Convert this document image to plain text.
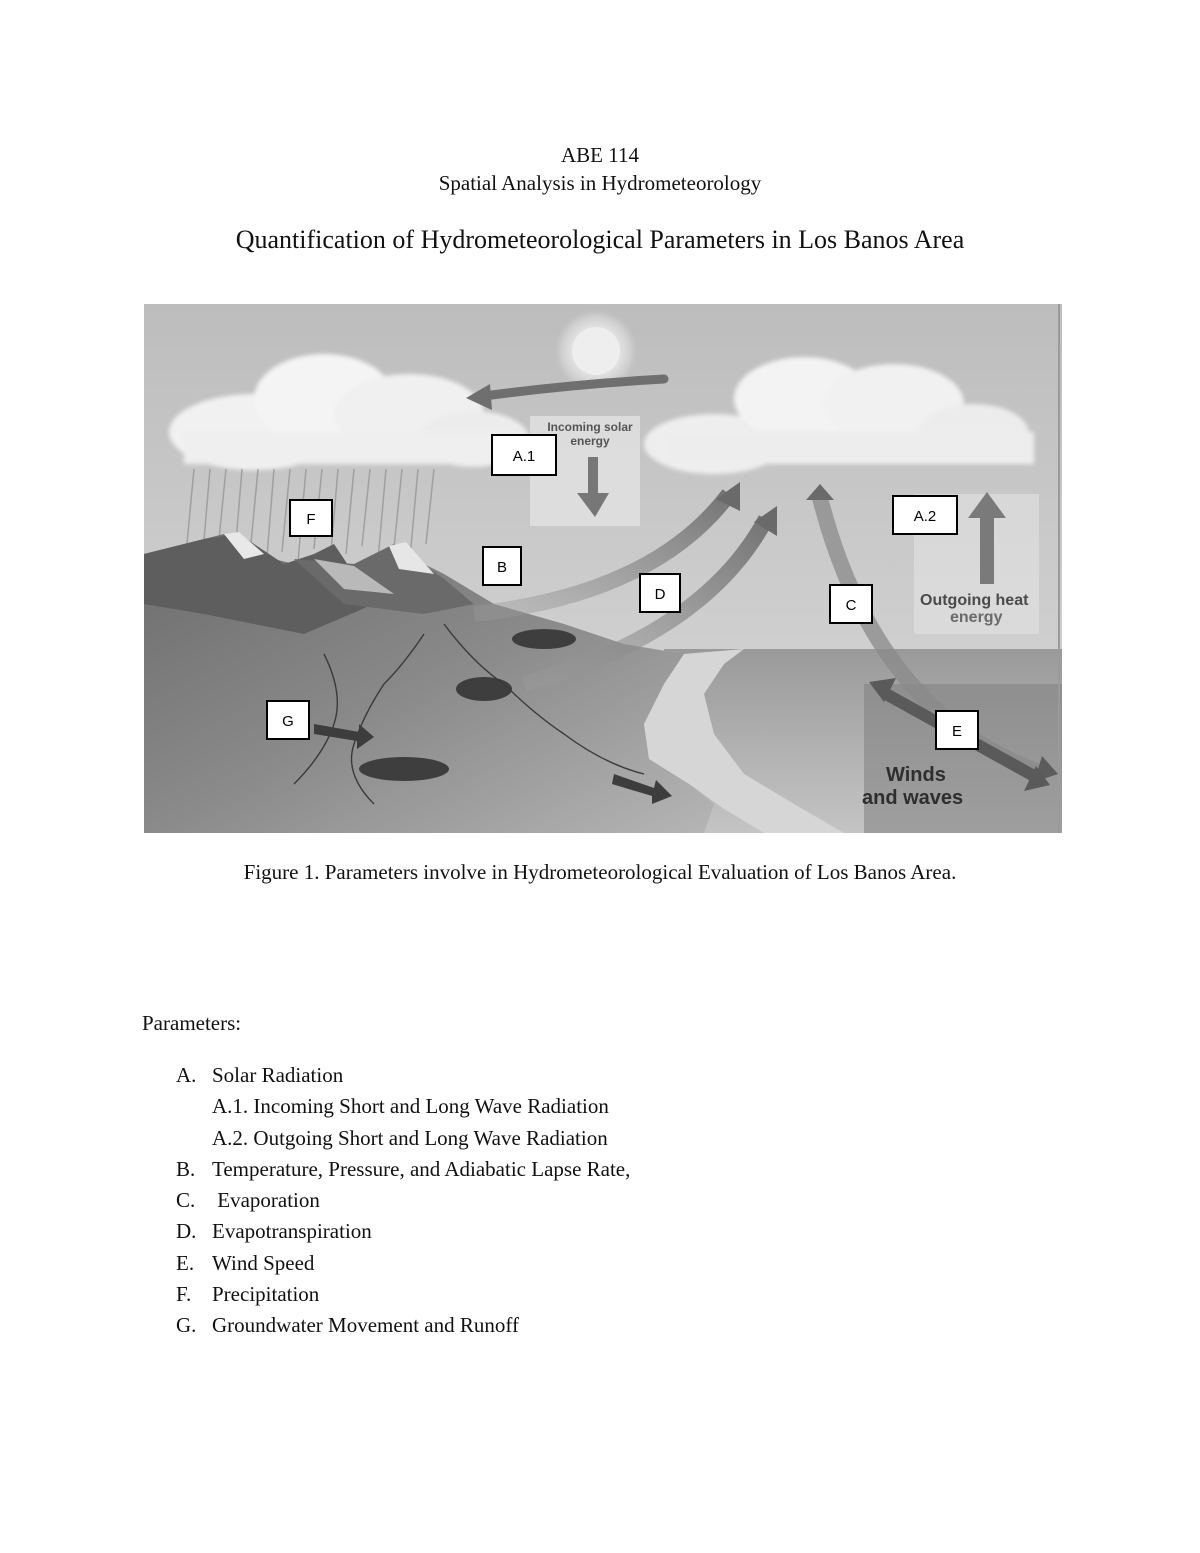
ABE 114
Spatial Analysis in Hydrometeorology
Quantification of Hydrometeorological Parameters in Los Banos Area
Incoming solar
energy
Outgoing heat
energy
Winds
and waves
A.1
A.2
F
B
D
C
G
E
Figure 1. Parameters involve in Hydrometeorological Evaluation of Los Banos Area.
Parameters:
A. Solar Radiation
A.1. Incoming Short and Long Wave Radiation
A.2. Outgoing Short and Long Wave Radiation
B. Temperature, Pressure, and Adiabatic Lapse Rate,
C. Evaporation
D. Evapotranspiration
E. Wind Speed
F. Precipitation
G. Groundwater Movement and Runoff
